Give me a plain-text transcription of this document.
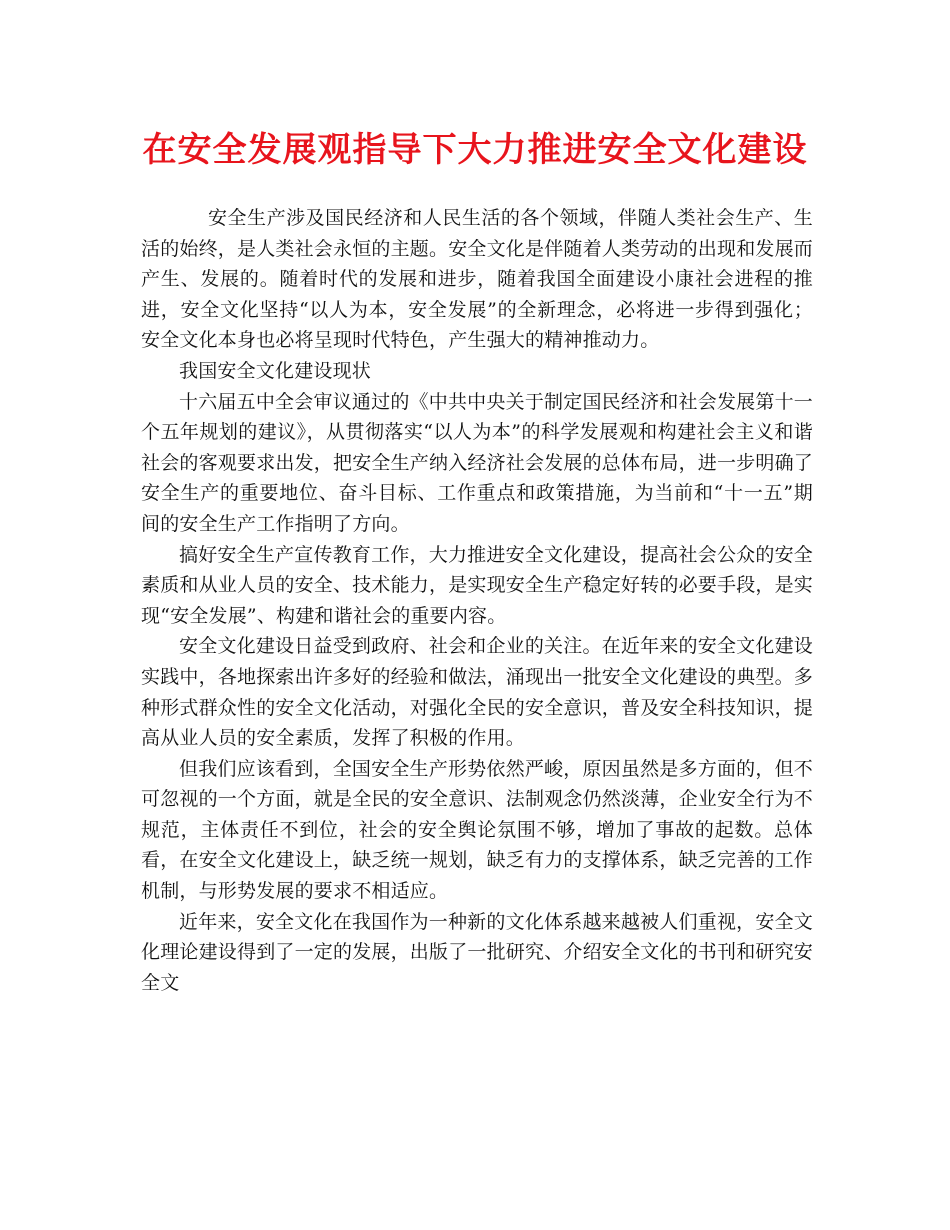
在安全发展观指导下大力推进安全文化建设

安全生产涉及国民经济和人民生活的各个领域，伴随人类社会生产、生活的始终，是人类社会永恒的主题。安全文化是伴随着人类劳动的出现和发展而产生、发展的。随着时代的发展和进步，随着我国全面建设小康社会进程的推进，安全文化坚持“以人为本，安全发展”的全新理念，必将进一步得到强化；安全文化本身也必将呈现时代特色，产生强大的精神推动力。

我国安全文化建设现状

十六届五中全会审议通过的《中共中央关于制定国民经济和社会发展第十一个五年规划的建议》，从贯彻落实“以人为本”的科学发展观和构建社会主义和谐社会的客观要求出发，把安全生产纳入经济社会发展的总体布局，进一步明确了安全生产的重要地位、奋斗目标、工作重点和政策措施，为当前和“十一五”期间的安全生产工作指明了方向。

搞好安全生产宣传教育工作，大力推进安全文化建设，提高社会公众的安全素质和从业人员的安全、技术能力，是实现安全生产稳定好转的必要手段，是实现“安全发展”、构建和谐社会的重要内容。

安全文化建设日益受到政府、社会和企业的关注。在近年来的安全文化建设实践中，各地探索出许多好的经验和做法，涌现出一批安全文化建设的典型。多种形式群众性的安全文化活动，对强化全民的安全意识，普及安全科技知识，提高从业人员的安全素质，发挥了积极的作用。

但我们应该看到，全国安全生产形势依然严峻，原因虽然是多方面的，但不可忽视的一个方面，就是全民的安全意识、法制观念仍然淡薄，企业安全行为不规范，主体责任不到位，社会的安全舆论氛围不够，增加了事故的起数。总体看，在安全文化建设上，缺乏统一规划，缺乏有力的支撑体系，缺乏完善的工作机制，与形势发展的要求不相适应。

近年来，安全文化在我国作为一种新的文化体系越来越被人们重视，安全文化理论建设得到了一定的发展，出版了一批研究、介绍安全文化的书刊和研究安全文
